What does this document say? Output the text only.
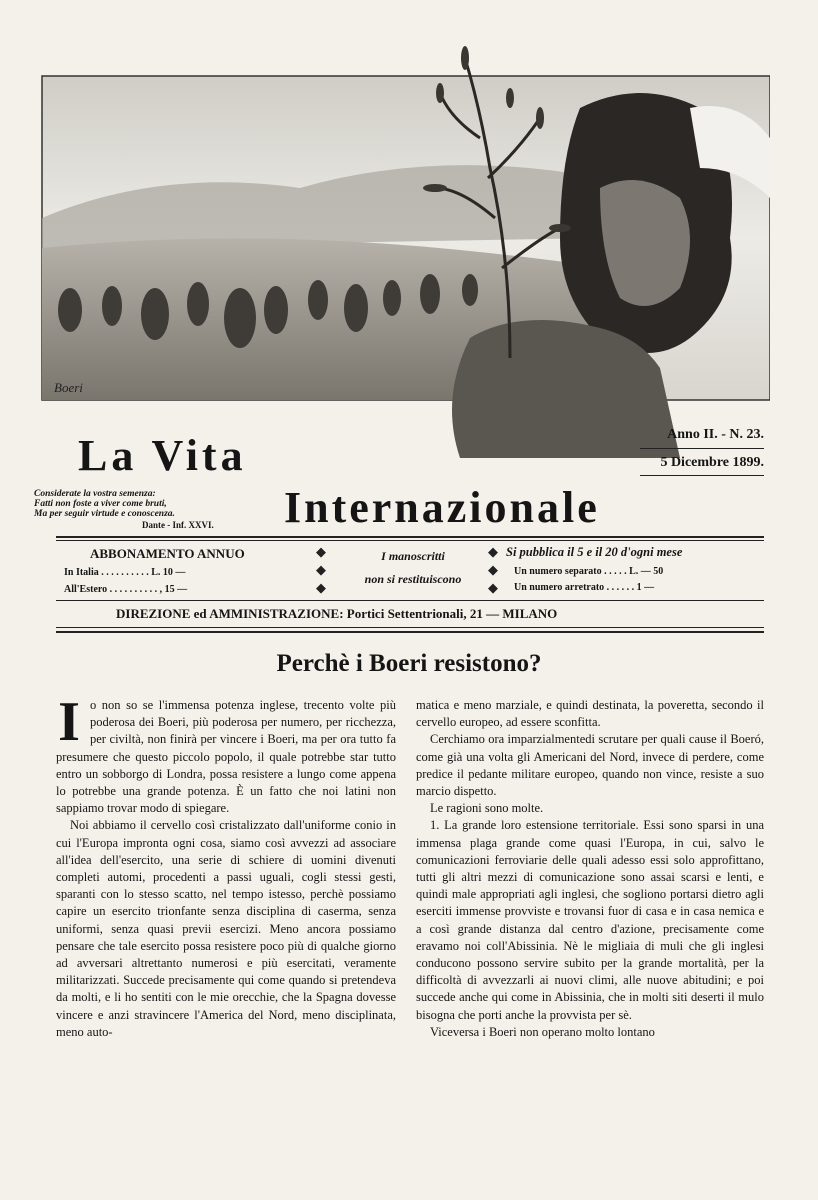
Boeri
La Vita
Internazionale
Anno II. - N. 23.
5 Dicembre 1899.
Considerate la vostra semenza:
Fatti non foste a viver come bruti,
Ma per seguir virtude e conoscenza.
Dante - Inf. XXVI.
ABBONAMENTO ANNUO
In Italia . . . . . . . . . . L. 10 —
All'Estero . . . . . . . . . . , 15 —
◆
◆
◆
I manoscritti
non si restituiscono
◆
◆
◆
Si pubblica il 5 e il 20 d'ogni mese
Un numero separato . . . . . L. — 50
Un numero arretrato . . . . . . 1 —
DIREZIONE ed AMMINISTRAZIONE: Portici Settentrionali, 21 — MILANO
Perchè i Boeri resistono?

Io non so se l'immensa potenza inglese, trecento volte più poderosa dei Boeri, più poderosa per numero, per ricchezza, per civiltà, non finirà per vincere i Boeri, ma per ora tutto fa presumere che questo piccolo popolo, il quale potrebbe star tutto entro un sobborgo di Londra, possa resistere a lungo come appena lo potrebbe una grande potenza. È un fatto che noi latini non sappiamo trovar modo di spiegare.

Noi abbiamo il cervello così cristalizzato dall'uniforme conio in cui l'Europa impronta ogni cosa, siamo così avvezzi ad associare all'idea dell'esercito, una serie di schiere di uomini divenuti completi automi, procedenti a passi uguali, cogli stessi gesti, sparanti con lo stesso scatto, nel tempo istesso, perchè possiamo capire un esercito trionfante senza disciplina di caserma, senza uniformi, senza quasi previi esercizi. Meno ancora possiamo pensare che tale esercito possa resistere poco più di qualche giorno ad avversari altrettanto numerosi e più esercitati, veramente militarizzati. Succede precisamente qui come quando si pretendeva da molti, e li ho sentiti con le mie orecchie, che la Spagna dovesse vincere e anzi stravincere l'America del Nord, meno disciplinata, meno auto-

matica e meno marziale, e quindi destinata, la poveretta, secondo il cervello europeo, ad essere sconfitta.

Cerchiamo ora imparzialmentedi scrutare per quali cause il Boeró, come già una volta gli Americani del Nord, invece di perdere, come predice il pedante militare europeo, quando non vince, resiste a suo marcio dispetto.

Le ragioni sono molte.

1. La grande loro estensione territoriale. Essi sono sparsi in una immensa plaga grande come quasi l'Europa, in cui, salvo le comunicazioni ferroviarie delle quali adesso essi solo approfittano, tutti gli altri mezzi di comunicazione sono assai scarsi e lenti, e quindi male appropriati agli inglesi, che sogliono portarsi dietro agli eserciti immense provviste e trovansi fuor di casa e in casa nemica e a così grande distanza dal centro d'azione, precisamente come eravamo noi coll'Abissinia. Nè le migliaia di muli che gli inglesi conducono possono servire subito per la grande mortalità, per la difficoltà di avvezzarli ai nuovi climi, alle nuove abitudini; e poi succede anche qui come in Abissinia, che in molti siti deserti il mulo bisogna che porti anche la provvista per sè.

Viceversa i Boeri non operano molto lontano
